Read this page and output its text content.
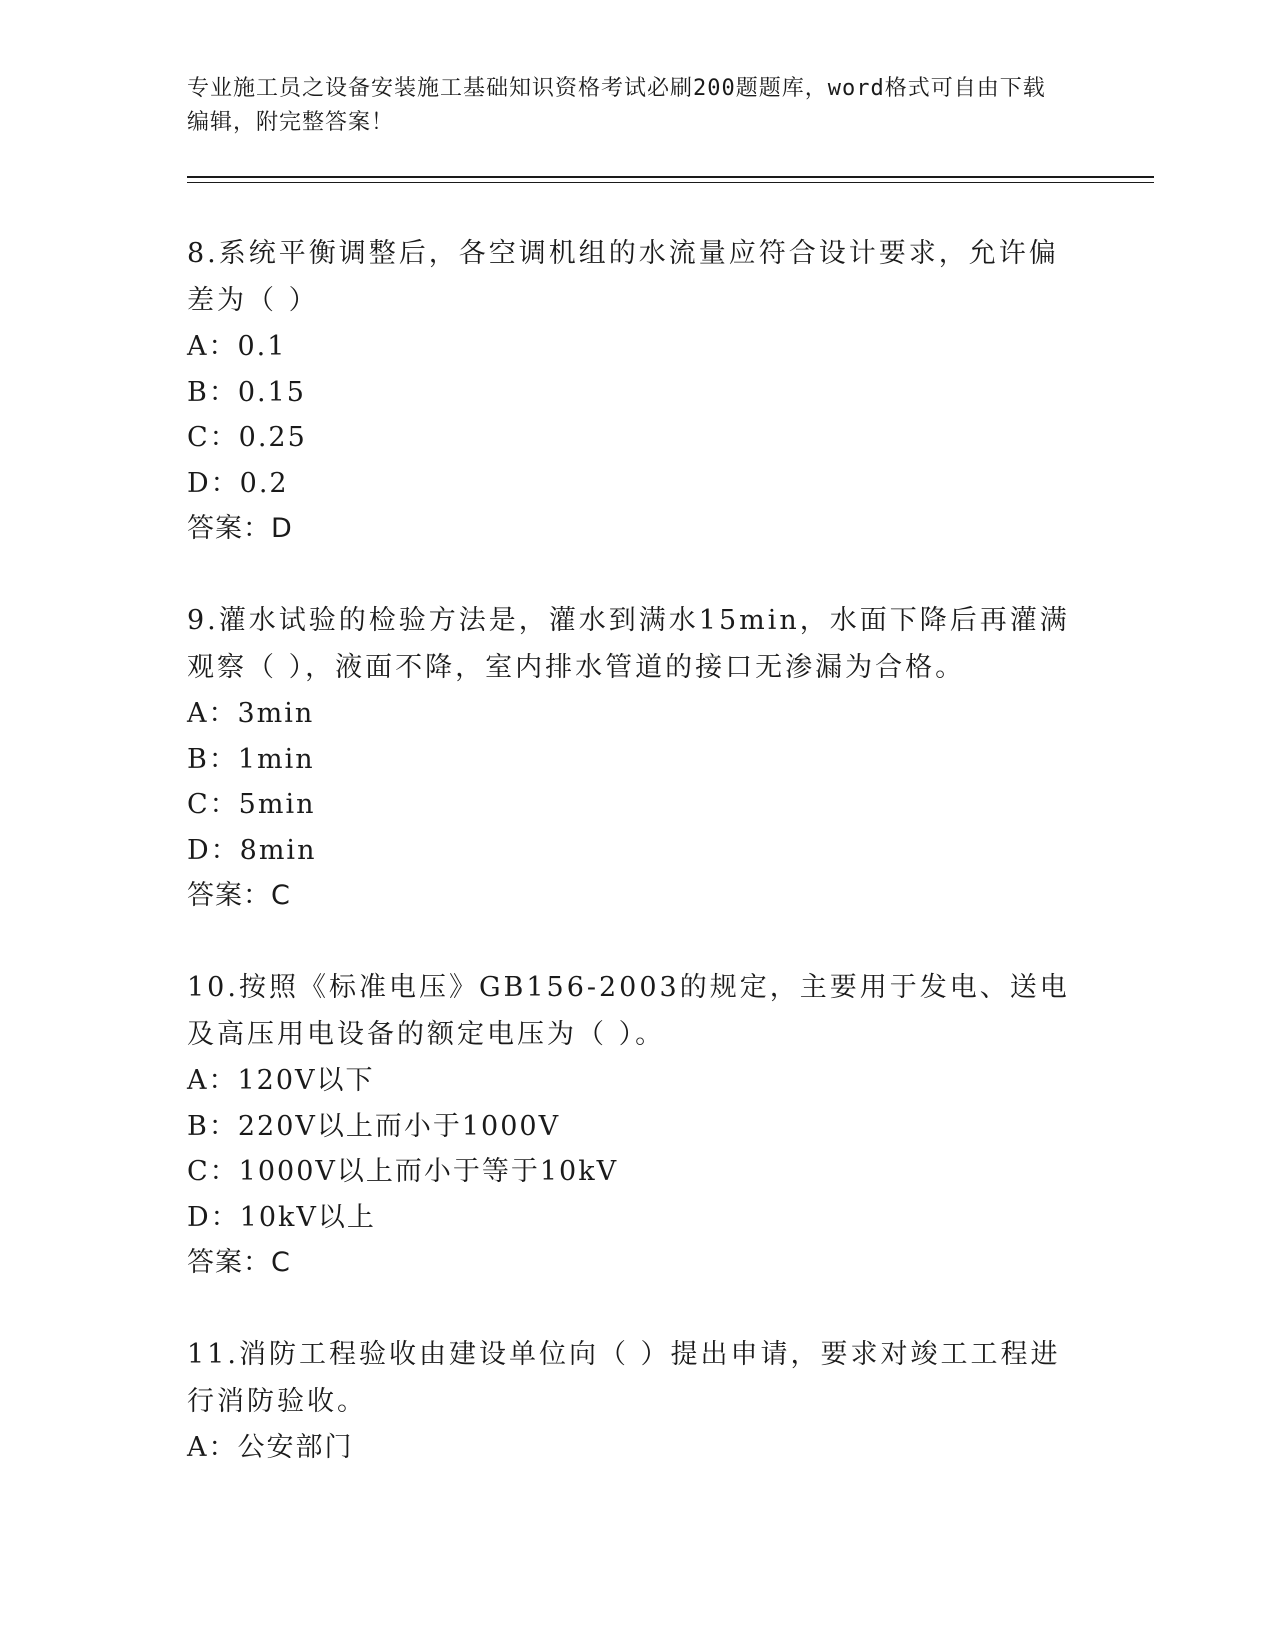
专业施工员之设备安装施工基础知识资格考试必刷200题题库，word格式可自由下载编辑，附完整答案！

8.系统平衡调整后，各空调机组的水流量应符合设计要求，允许偏差为（ ）

A：0.1

B：0.15

C：0.25

D：0.2

答案：D

9.灌水试验的检验方法是，灌水到满水15min，水面下降后再灌满观察（ ），液面不降，室内排水管道的接口无渗漏为合格。

A：3min

B：1min

C：5min

D：8min

答案：C

10.按照《标准电压》GB156-2003的规定，主要用于发电、送电及高压用电设备的额定电压为（ ）。

A：120V以下

B：220V以上而小于1000V

C：1000V以上而小于等于10kV

D：10kV以上

答案：C

11.消防工程验收由建设单位向（ ）提出申请，要求对竣工工程进行消防验收。

A：公安部门
